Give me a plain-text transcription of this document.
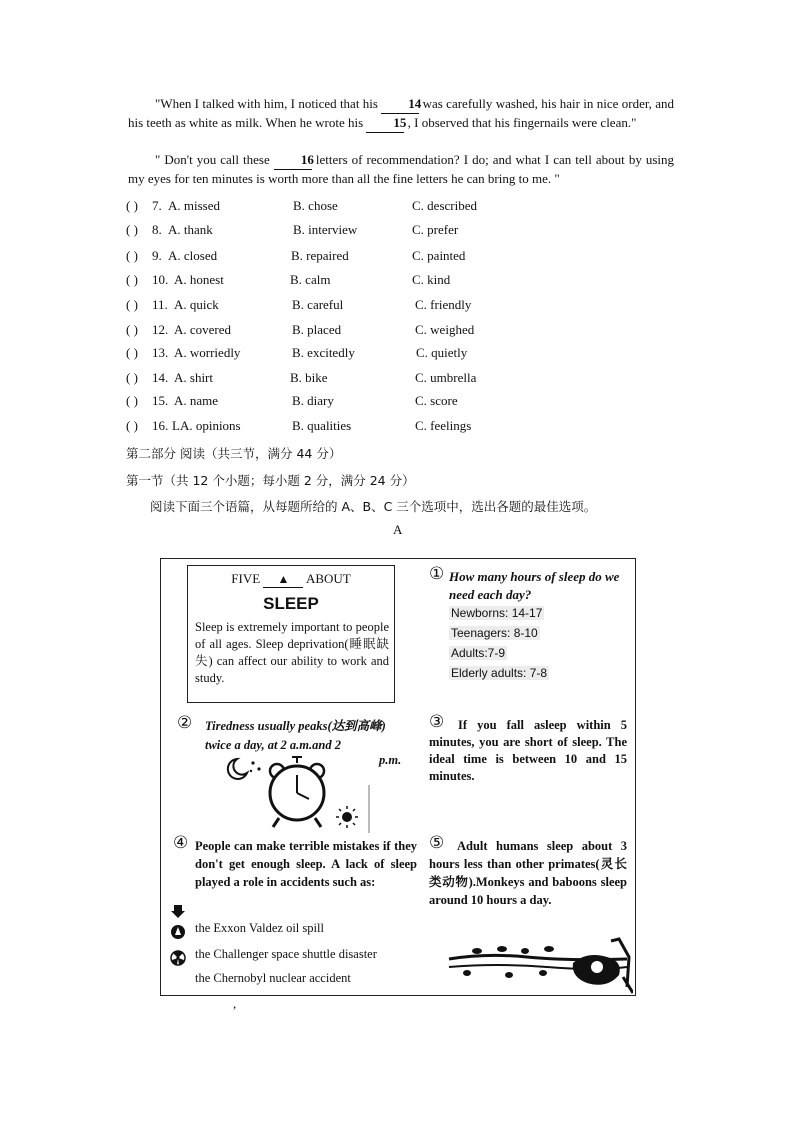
"When I talked with him, I noticed that his 14 was carefully washed, his hair in nice order, and his teeth as white as milk. When he wrote his 15 , I observed that his fingernails were clean."
" Don't you call these 16 letters of recommendation? I do; and what I can tell about by using my eyes for ten minutes is worth more than all the fine letters he can bring to me. "
( ) 7. A. missed	B. chose	C. described
( ) 8. A. thank	B. interview	C. prefer
( ) 9. A. closed	B. repaired	C. painted
( ) 10. A. honest	B. calm	C. kind
( ) 11. A. quick	B. careful	C. friendly
( ) 12. A. covered	B. placed	C. weighed
( ) 13. A. worriedly	B. excitedly	C. quietly
( ) 14. A. shirt	B. bike	C. umbrella
( ) 15. A. name	B. diary	C. score
( ) 16. LA. opinions	B. qualities	C. feelings
第二部分 阅读（共三节，满分 44 分）
第一节（共 12 个小题；每小题 2 分，满分 24 分）
阅读下面三个语篇，从每题所给的 A、B、C 三个选项中，选出各题的最佳选项。
A
FIVE ▲ ABOUT
SLEEP
Sleep is extremely important to people of all ages. Sleep deprivation(睡眠缺失) can affect our ability to work and study.
① How many hours of sleep do we need each day?
Newborns: 14-17
Teenagers: 8-10
Adults:7-9
Elderly adults: 7-8
② Tiredness usually peaks(达到高峰) twice a day, at 2 a.m.and 2
p.m.
③	If you fall asleep within 5 minutes, you are short of sleep. The ideal time is between 10 and 15 minutes.
④ People can make terrible mistakes if they don't get enough sleep. A lack of sleep played a role in accidents such as:
the Exxon Valdez oil spill
the Challenger space shuttle disaster
the Chernobyl nuclear accident
⑤	Adult humans sleep about 3 hours less than other primates(灵长类动物).Monkeys and baboons sleep around 10 hours a day.
,
